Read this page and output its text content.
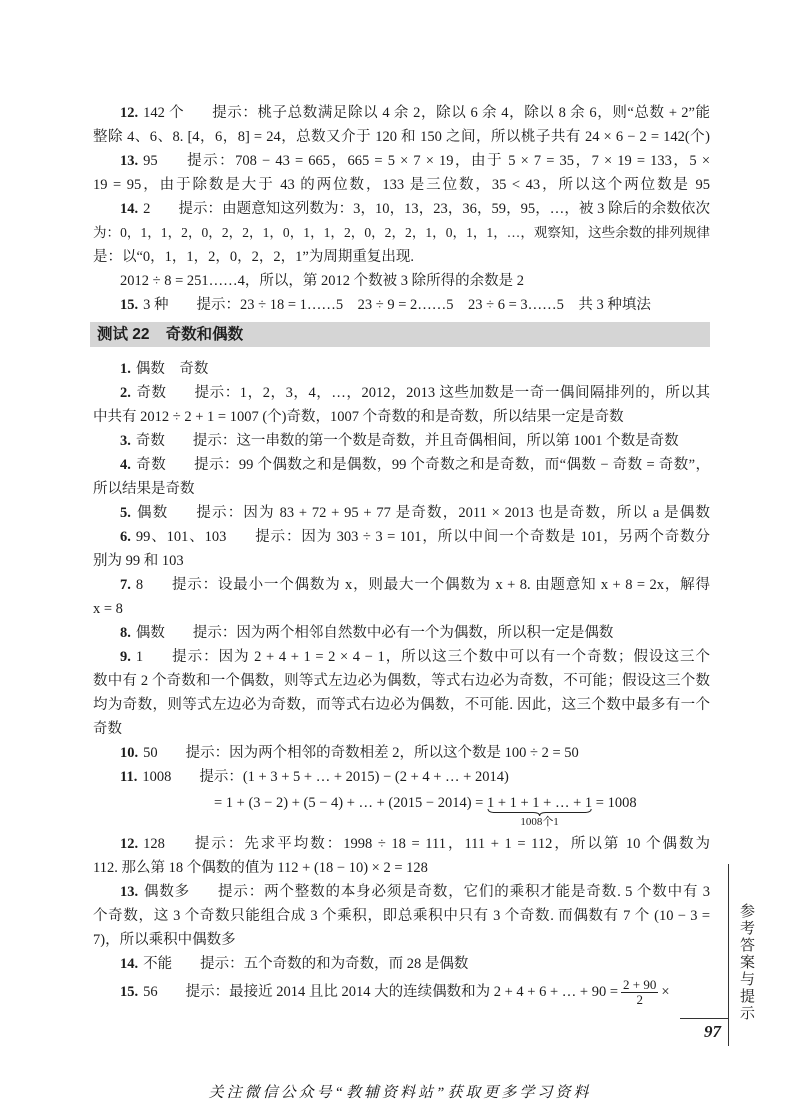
12. 142 个 提示：桃子总数满足除以 4 余 2，除以 6 余 4，除以 8 余 6，则“总数 + 2”能
整除 4、6、8. [4，6，8] = 24，总数又介于 120 和 150 之间，所以桃子共有 24 × 6 − 2 = 142(个)
13. 95 提示：708 − 43 = 665，665 = 5 × 7 × 19，由于 5 × 7 = 35，7 × 19 = 133，5 ×
19 = 95，由于除数是大于 43 的两位数，133 是三位数，35 < 43，所以这个两位数是 95
14. 2 提示：由题意知这列数为：3，10，13，23，36，59，95，…，被 3 除后的余数依次
为：0，1，1，2，0，2，2，1，0，1，1，2，0，2，2，1，0，1，1，…，观察知，这些余数的排列规律
是：以“0，1，1，2，0，2，2，1”为周期重复出现.
2012 ÷ 8 = 251……4，所以，第 2012 个数被 3 除所得的余数是 2
15. 3 种 提示：23 ÷ 18 = 1……5　23 ÷ 9 = 2……5　23 ÷ 6 = 3……5　共 3 种填法
测试 22 奇数和偶数
1. 偶数　奇数
2. 奇数 提示：1，2，3，4，…，2012，2013 这些加数是一奇一偶间隔排列的，所以其
中共有 2012 ÷ 2 + 1 = 1007 (个)奇数，1007 个奇数的和是奇数，所以结果一定是奇数
3. 奇数 提示：这一串数的第一个数是奇数，并且奇偶相间，所以第 1001 个数是奇数
4. 奇数 提示：99 个偶数之和是偶数，99 个奇数之和是奇数，而“偶数 − 奇数 = 奇数”，
所以结果是奇数
5. 偶数 提示：因为 83 + 72 + 95 + 77 是奇数，2011 × 2013 也是奇数，所以 a 是偶数
6. 99、101、103 提示：因为 303 ÷ 3 = 101，所以中间一个奇数是 101，另两个奇数分
别为 99 和 103
7. 8 提示：设最小一个偶数为 x，则最大一个偶数为 x + 8. 由题意知 x + 8 = 2x，解得
x = 8
8. 偶数 提示：因为两个相邻自然数中必有一个为偶数，所以积一定是偶数
9. 1 提示：因为 2 + 4 + 1 = 2 × 4 − 1，所以这三个数中可以有一个奇数；假设这三个
数中有 2 个奇数和一个偶数，则等式左边必为偶数，等式右边必为奇数，不可能；假设这三个数
均为奇数，则等式左边必为奇数，而等式右边必为偶数，不可能. 因此，这三个数中最多有一个
奇数
10. 50 提示：因为两个相邻的奇数相差 2，所以这个数是 100 ÷ 2 = 50
11. 1008 提示：(1 + 3 + 5 + … + 2015) − (2 + 4 + … + 2014)
= 1 + (3 − 2) + (5 − 4) + … + (2015 − 2014) = 1 + 1 + 1 + … + 1
1008个1
= 1008
12. 128 提示：先求平均数：1998 ÷ 18 = 111，111 + 1 = 112，所以第 10 个偶数为
112. 那么第 18 个偶数的值为 112 + (18 − 10) × 2 = 128
13. 偶数多 提示：两个整数的本身必须是奇数，它们的乘积才能是奇数. 5 个数中有 3
个奇数，这 3 个奇数只能组合成 3 个乘积，即总乘积中只有 3 个奇数. 而偶数有 7 个 (10 − 3 =
7)，所以乘积中偶数多
14. 不能 提示：五个奇数的和为奇数，而 28 是偶数
15. 56 提示：最接近 2014 且比 2014 大的连续偶数和为 2 + 4 + 6 + … + $90 = \frac{2 + 90}{2}$ ×	参考答案与提示
97
关注微信公众号“教辅资料站”获取更多学习资料
